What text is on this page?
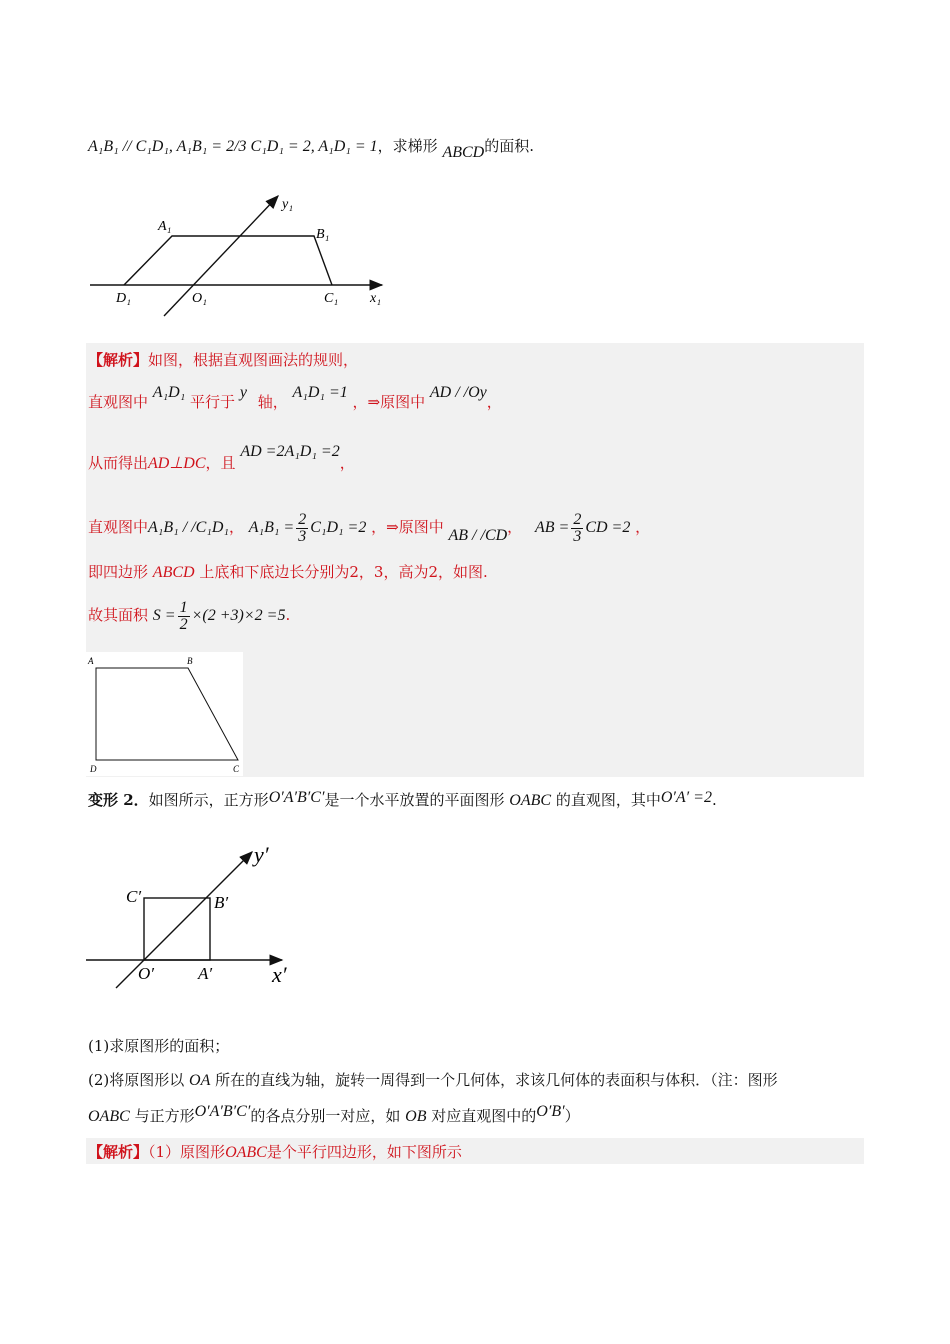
A₁B₁ // C₁D₁, A₁B₁ = 2/3 C₁D₁ = 2, A₁D₁ = 1，求梯形 ABCD的面积.
A₁
B₁
D₁	O₁	C₁ x₁
y₁
【解析】如图，根据直观图画法的规则，
直观图中 A₁D₁ 平行于 y 轴， A₁D₁ =1 ，⇒原图中 AD / /Oy，
从而得出AD⊥DC，且 AD =2A₁D₁ =2，
直观图中A₁B₁ / /C₁D₁， $A_1B_1 = \frac{2}{3} C_1D_1 =2$ ，⇒原图中 AB / /CD， AB = $\frac{2}{3}$ CD =2 ，
即四边形 ABCD 上底和下底边长分别为2，3，高为2，如图.
故其面积 $S = \frac{1}{2} \times(2 +3)\times 2 =5$.
A	B
D	C
变形 2．如图所示，正方形O′A′B′C′是一个水平放置的平面图形 OABC 的直观图，其中O′A′ =2.
C′	B′
O′	A′	x′
y′
(1)求原图形的面积；
(2)将原图形以 OA 所在的直线为轴，旋转一周得到一个几何体，求该几何体的表面积与体积．（注：图形
OABC 与正方形O′A′B′C′的各点分别一对应，如 OB 对应直观图中的O′B′）
【解析】（1）原图形OABC是个平行四边形，如下图所示
